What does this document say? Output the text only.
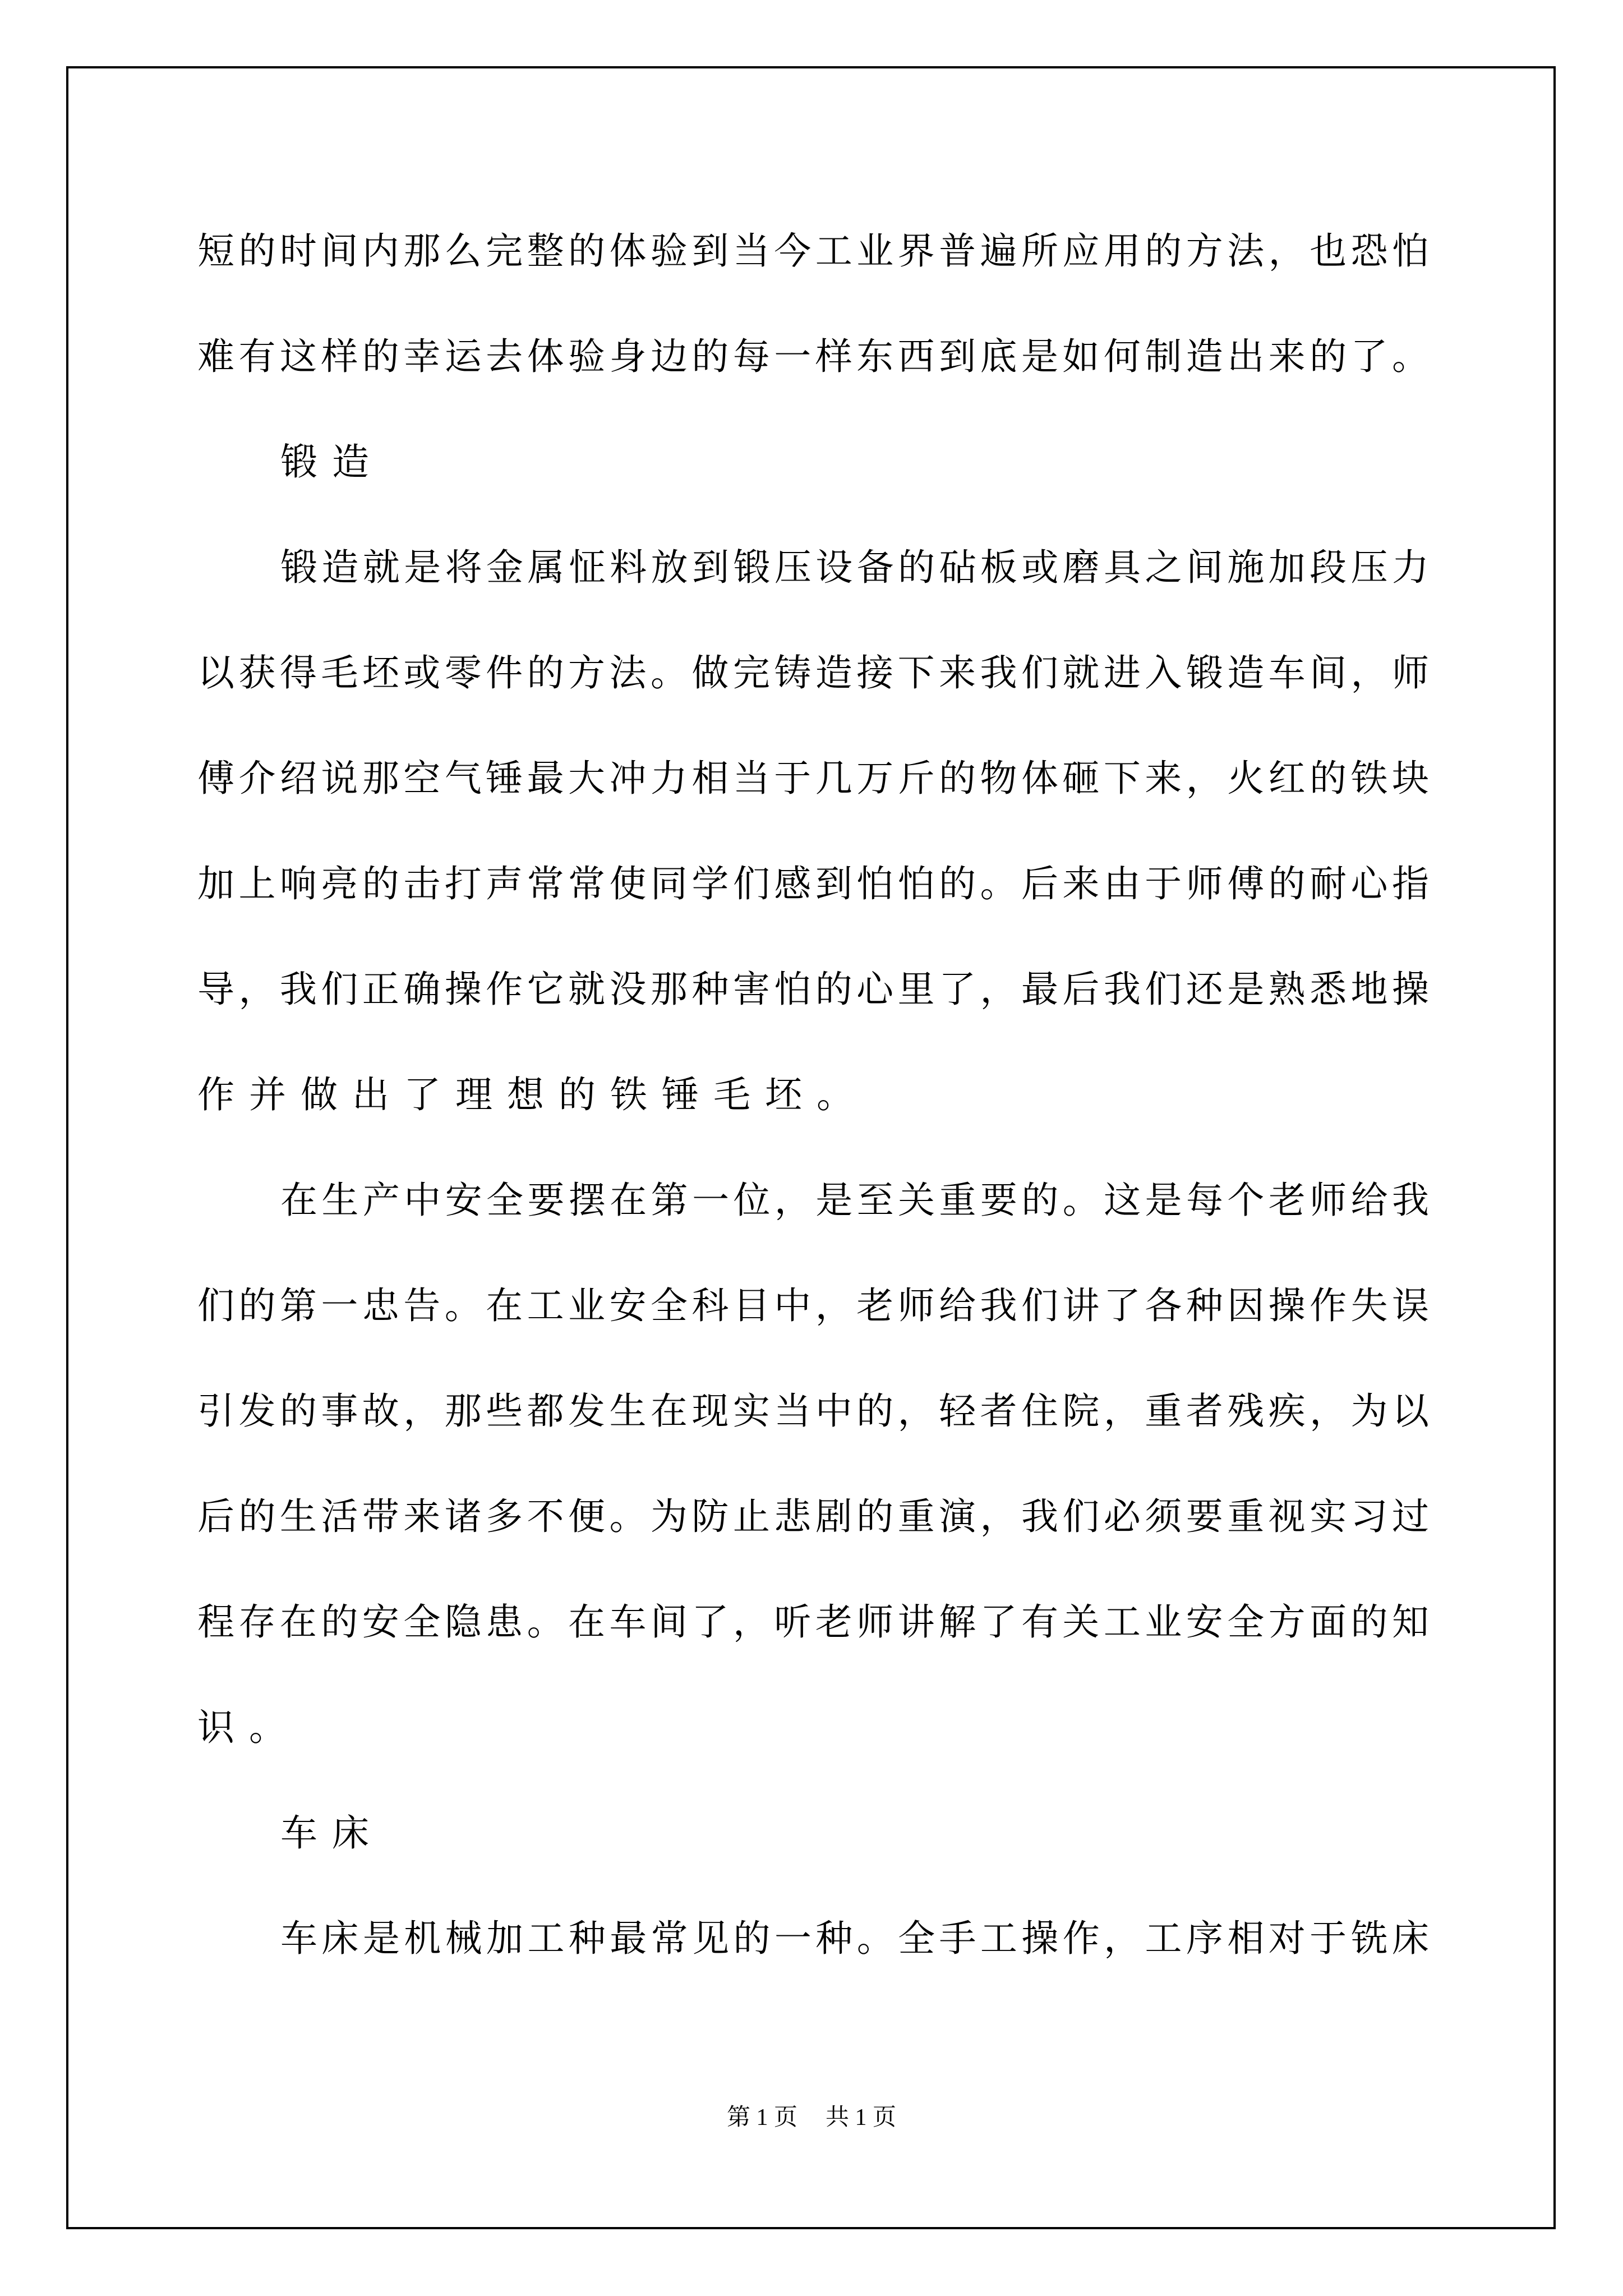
短的时间内那么完整的体验到当今工业界普遍所应用的方法，也恐怕
难有这样的幸运去体验身边的每一样东西到底是如何制造出来的了。
锻造
锻造就是将金属怔料放到锻压设备的砧板或磨具之间施加段压力
以获得毛坯或零件的方法。做完铸造接下来我们就进入锻造车间，师
傅介绍说那空气锤最大冲力相当于几万斤的物体砸下来，火红的铁块
加上响亮的击打声常常使同学们感到怕怕的。后来由于师傅的耐心指
导，我们正确操作它就没那种害怕的心里了，最后我们还是熟悉地操
作并做出了理想的铁锤毛坯。
在生产中安全要摆在第一位，是至关重要的。这是每个老师给我
们的第一忠告。在工业安全科目中，老师给我们讲了各种因操作失误
引发的事故，那些都发生在现实当中的，轻者住院，重者残疾，为以
后的生活带来诸多不便。为防止悲剧的重演，我们必须要重视实习过
程存在的安全隐患。在车间了，听老师讲解了有关工业安全方面的知
识。
车床
车床是机械加工种最常见的一种。全手工操作，工序相对于铣床
第 1 页 共 1 页
